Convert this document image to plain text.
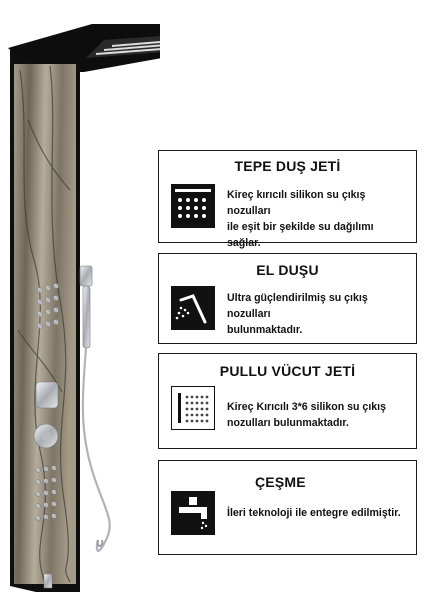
TEPE DUŞ JETİ
Kireç kırıcılı silikon su çıkış nozulları
ile eşit bir şekilde su dağılımı sağlar.
EL DUŞU
Ultra güçlendirilmiş su çıkış nozulları
bulunmaktadır.
PULLU VÜCUT JETİ
Kireç Kırıcılı 3*6 silikon su çıkış
nozulları bulunmaktadır.
ÇEŞME
İleri teknoloji ile entegre edilmiştir.
